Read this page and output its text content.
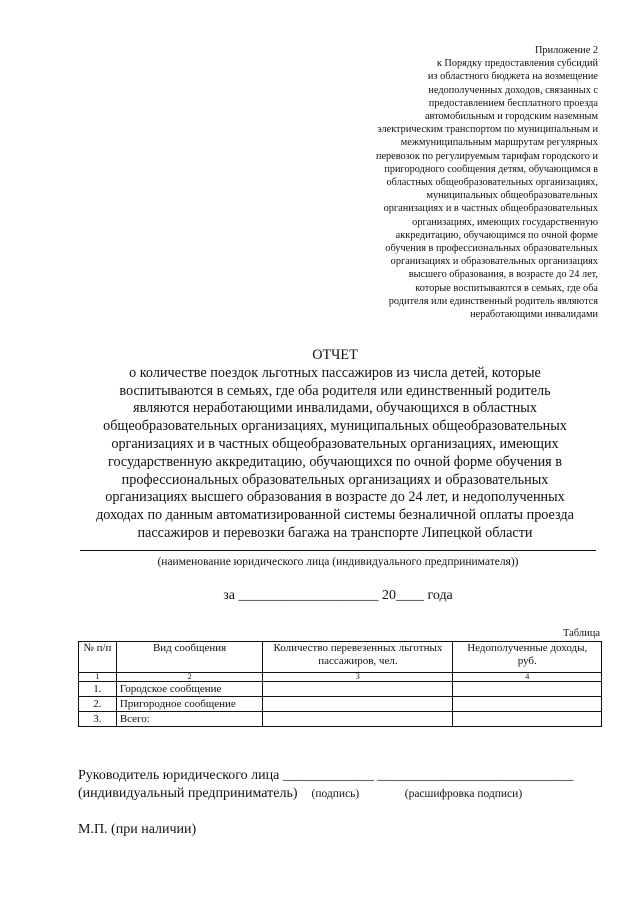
Приложение 2
к Порядку предоставления субсидий
из областного бюджета на возмещение
недополученных доходов, связанных с
предоставлением бесплатного проезда
автомобильным и городским наземным
электрическим транспортом по муниципальным и
межмуниципальным маршрутам регулярных
перевозок по регулируемым тарифам городского и
пригородного сообщения детям, обучающимся в
областных общеобразовательных организациях,
муниципальных общеобразовательных
организациях и в частных общеобразовательных
организациях, имеющих государственную
аккредитацию, обучающимся по очной форме
обучения в профессиональных образовательных
организациях и образовательных организациях
высшего образования, в возрасте до 24 лет,
которые воспитываются в семьях, где оба
родителя или единственный родитель являются
неработающими инвалидами
ОТЧЕТ
о количестве поездок льготных пассажиров из числа детей, которые
воспитываются в семьях, где оба родителя или единственный родитель
являются неработающими инвалидами, обучающихся в областных
общеобразовательных организациях, муниципальных общеобразовательных
организациях и в частных общеобразовательных организациях, имеющих
государственную аккредитацию, обучающихся по очной форме обучения в
профессиональных образовательных организациях и образовательных
организациях высшего образования в возрасте до 24 лет, и недополученных
доходах по данным автоматизированной системы безналичной оплаты проезда
пассажиров и перевозки багажа на транспорте Липецкой области
(наименование юридического лица (индивидуального предпринимателя))
за ____________________ 20____ года
Таблица
№ п/п	Вид сообщения	Количество перевезенных льготных пассажиров, чел.	Недополученные доходы, руб.
1	2	3	4
1.	Городское сообщение		
2.	Пригородное сообщение		
3.	Всего:		
Руководитель юридического лица _____________ ____________________________
(индивидуальный предприниматель) (подпись)	(расшифровка подписи)
М.П. (при наличии)
